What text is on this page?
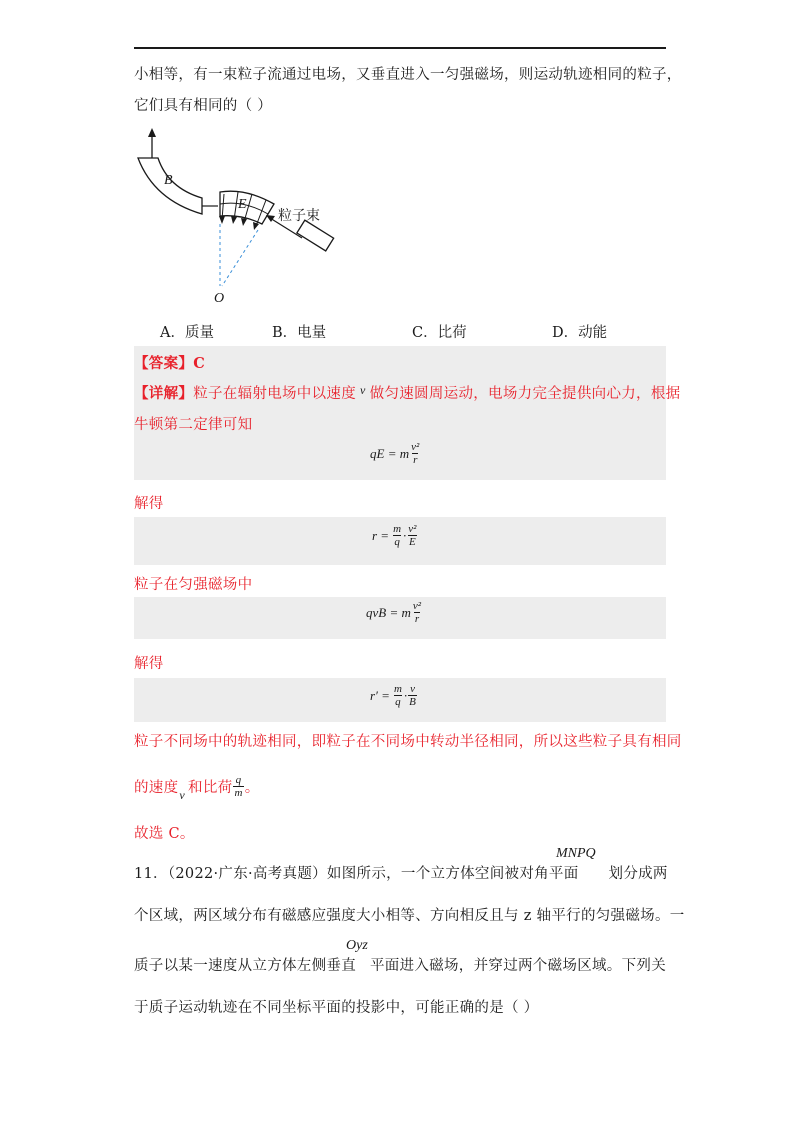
小相等，有一束粒子流通过电场，又垂直进入一匀强磁场，则运动轨迹相同的粒子，
它们具有相同的（ ）
B
E
O
粒子束
A．质量	B．电量	C．比荷	D．动能
【答案】C
【详解】粒子在辐射电场中以速度 $^v$ 做匀速圆周运动，电场力完全提供向心力，根据
牛顿第二定律可知
qE = m $\frac{\text{v²}}{r}$
解得
$r = \frac{m}{q} \cdot \frac{\text{v²}}{E}$
粒子在匀强磁场中
qvB = m $\frac{\text{v²}}{r}$
解得
$r' = \frac{m}{q} \cdot \frac{v}{B}$
粒子不同场中的轨迹相同，即粒子在不同场中转动半径相同，所以这些粒子具有相同
的速度 v 和比荷 $\frac{q}{m}$ 。
故选 C。
MNPQ
11．（2022·广东·高考真题）如图所示，一个立方体空间被对角平面 划分成两
个区域，两区域分布有磁感应强度大小相等、方向相反且与 z 轴平行的匀强磁场。一
Oyz
质子以某一速度从立方体左侧垂直 平面进入磁场，并穿过两个磁场区域。下列关
于质子运动轨迹在不同坐标平面的投影中，可能正确的是（ ）
